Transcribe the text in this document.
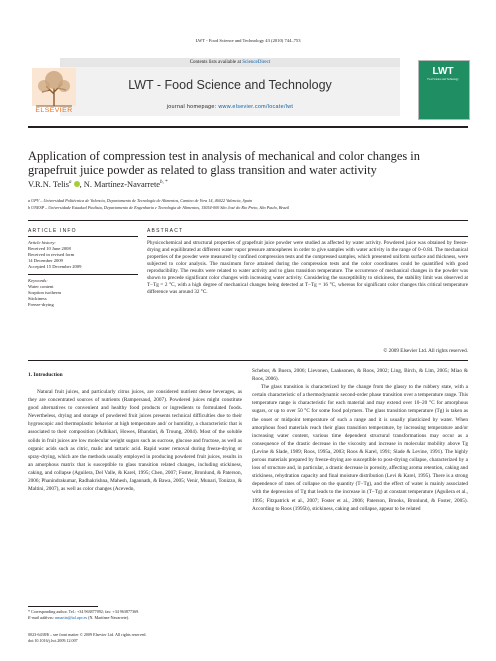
LWT - Food Science and Technology 43 (2010) 744–753
Contents lists available at ScienceDirect
LWT - Food Science and Technology
journal homepage: www.elsevier.com/locate/lwt
ELSEVIER
LWT
Food Science and Technology
Application of compression test in analysis of mechanical and color changes in grapefruit juice powder as related to glass transition and water activity
V.R.N. Telis$^a$ , N. Martínez-Navarrete$^{b, *}$
a UPV – Universidad Politécnica de Valencia, Departamento de Tecnología de Alimentos, Camino de Vera 14, 46022 Valencia, Spain
b UNESP – Universidade Estadual Paulista, Departamento de Engenharia e Tecnologia de Alimentos, 15054-000 São José do Rio Preto, São Paulo, Brazil
ARTICLE INFO
Article history:
Received 10 June 2008
Received in revised form
14 December 2009
Accepted 15 December 2009
Keywords:
Water content
Sorption isotherm
Stickiness
Freeze-drying
ABSTRACT
Physicochemical and structural properties of grapefruit juice powder were studied as affected by water activity. Powdered juice was obtained by freeze-drying and equilibrated at different water vapor pressure atmospheres in order to give samples with water activity in the range of 0–0.84. The mechanical properties of the powder were measured by confined compression tests and the compressed samples, which presented uniform surface and thickness, were subjected to color analysis. The maximum force attained during the compression tests and the color coordinates could be quantified with good reproducibility. The results were related to water activity and to glass transition temperature. The occurrence of mechanical changes in the powder was shown to precede significant color changes with increasing water activity. Considering the susceptibility to stickiness, the stability limit was observed at T−Tg = 2 °C, with a high degree of mechanical changes being detected at T−Tg = 16 °C, whereas for significant color changes this critical temperature difference was around 32 °C.
© 2009 Elsevier Ltd. All rights reserved.
1. Introduction
Natural fruit juices, and particularly citrus juices, are considered nutrient dense beverages, as they are concentrated sources of nutrients (Rampersaud, 2007). Powdered juices might constitute good alternatives to convenient and healthy food products or ingredients to formulated foods. Nevertheless, drying and storage of powdered fruit juices presents technical difficulties due to their hygroscopic and thermoplastic behavior at high temperature and/ or humidity, a characteristic that is associated to their composition (Adhikari, Howes, Bhandari, & Troung, 2004). Most of the soluble solids in fruit juices are low molecular weight sugars such as sucrose, glucose and fructose, as well as organic acids such as citric, malic and tartaric acid. Rapid water removal during freeze-drying or spray-drying, which are the methods usually employed in producing powdered fruit juices, results in an amorphous matrix that is susceptible to glass transition related changes, including stickiness, caking, and collapse (Aguilera, Del Valle, & Karel, 1995; Chen, 2007; Foster, Bronlund, & Paterson, 2006; Phanindrakumar, Radhakrishna, Mahesh, Jagannath, & Bawa, 2005; Venir, Munari, Tonizzo, & Maltini, 2007), as well as color changes (Acevedo,
Schebor, & Buera, 2006; Lievonen, Laaksonen, & Roos, 2002; Ling, Birch, & Lim, 2005; Miao & Roos, 2006).
The glass transition is characterized by the change from the glassy to the rubbery state, with a certain characteristic of a thermodynamic second-order phase transition over a temperature range. This temperature range is characteristic for each material and may extend over 10–20 °C for amorphous sugars, or up to over 50 °C for some food polymers. The glass transition temperature (Tg) is taken as the onset or midpoint temperature of such a range and it is usually plasticized by water. When amorphous food materials reach their glass transition temperature, by increasing temperature and/or increasing water content, various time dependent structural transformations may occur as a consequence of the drastic decrease in the viscosity and increase in molecular mobility above Tg (Levine & Slade, 1989; Roos, 1995a, 2003; Roos & Karel, 1991; Slade & Levine, 1991). The highly porous materials prepared by freeze-drying are susceptible to post-drying collapse, characterized by a loss of structure and, in particular, a drastic decrease in porosity, affecting aroma retention, caking and stickiness, rehydration capacity and final moisture distribution (Levi & Karel, 1995). There is a strong dependence of rates of collapse on the quantity (T−Tg), and the effect of water is mainly associated with the depression of Tg that leads to the increase in (T−Tg) at constant temperature (Aguilera et al., 1995; Fitzpatrick et al., 2007; Foster et al., 2006; Paterson, Brooks, Bronlund, & Foster, 2005). According to Roos (1995b), stickiness, caking and collapse, appear to be related
* Corresponding author. Tel.: +34 963877092; fax: +34 963877369.
E-mail address: nmartin@tal.upv.es (N. Martínez-Navarrete).
0023-6438/$ – see front matter © 2009 Elsevier Ltd. All rights reserved.
doi:10.1016/j.lwt.2009.12.007
